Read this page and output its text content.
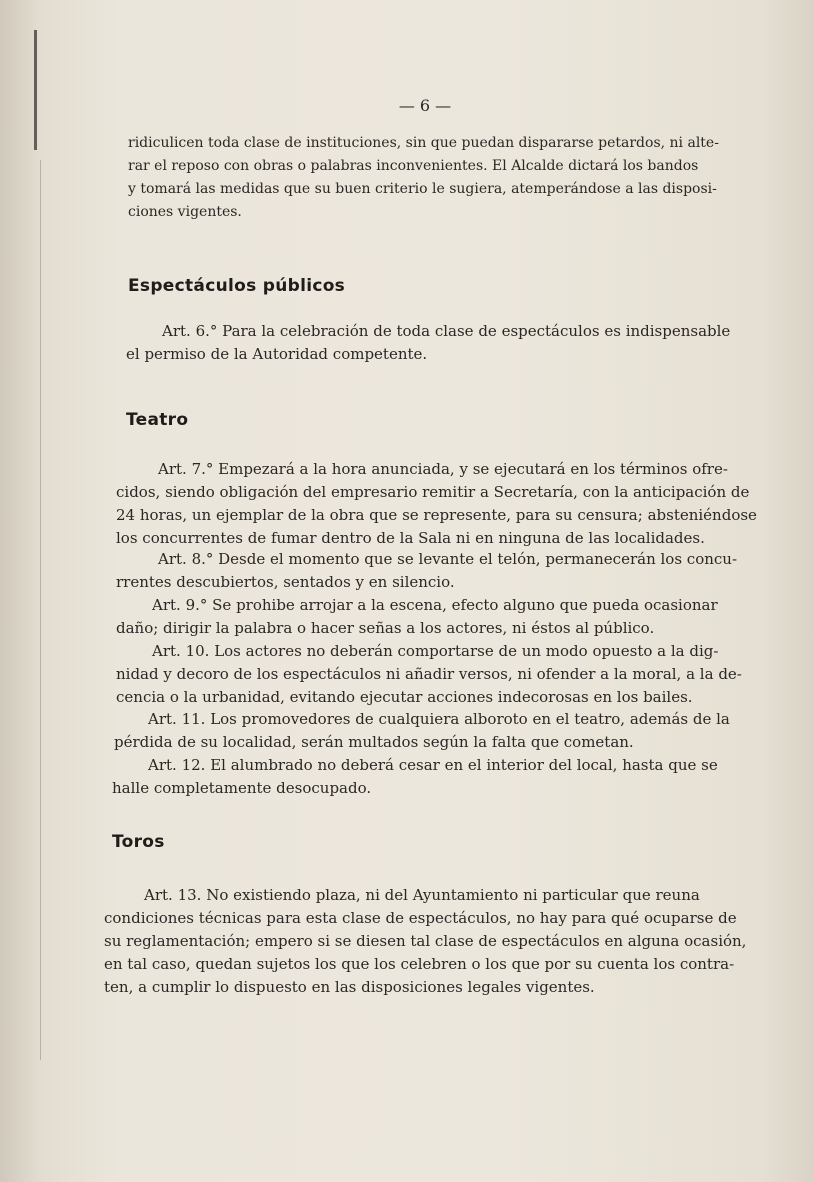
— 6 —
ridiculicen toda clase de instituciones, sin que puedan dispararse petardos, ni alte-
rar el reposo con obras o palabras inconvenientes. El Alcalde dictará los bandos
y tomará las medidas que su buen criterio le sugiera, atemperándose a las disposi-
ciones vigentes.
Espectáculos públicos
Art. 6.° Para la celebración de toda clase de espectáculos es indispensable
el permiso de la Autoridad competente.
Teatro
Art. 7.° Empezará a la hora anunciada, y se ejecutará en los términos ofre-
cidos, siendo obligación del empresario remitir a Secretaría, con la anticipación de
24 horas, un ejemplar de la obra que se represente, para su censura; absteniéndose
los concurrentes de fumar dentro de la Sala ni en ninguna de las localidades.
Art. 8.° Desde el momento que se levante el telón, permanecerán los concu-
rrentes descubiertos, sentados y en silencio.
Art. 9.° Se prohibe arrojar a la escena, efecto alguno que pueda ocasionar
daño; dirigir la palabra o hacer señas a los actores, ni éstos al público.
Art. 10. Los actores no deberán comportarse de un modo opuesto a la dig-
nidad y decoro de los espectáculos ni añadir versos, ni ofender a la moral, a la de-
cencia o la urbanidad, evitando ejecutar acciones indecorosas en los bailes.
Art. 11. Los promovedores de cualquiera alboroto en el teatro, además de la
pérdida de su localidad, serán multados según la falta que cometan.
Art. 12. El alumbrado no deberá cesar en el interior del local, hasta que se
halle completamente desocupado.
Toros
Art. 13. No existiendo plaza, ni del Ayuntamiento ni particular que reuna
condiciones técnicas para esta clase de espectáculos, no hay para qué ocuparse de
su reglamentación; empero si se diesen tal clase de espectáculos en alguna ocasión,
en tal caso, quedan sujetos los que los celebren o los que por su cuenta los contra-
ten, a cumplir lo dispuesto en las disposiciones legales vigentes.
